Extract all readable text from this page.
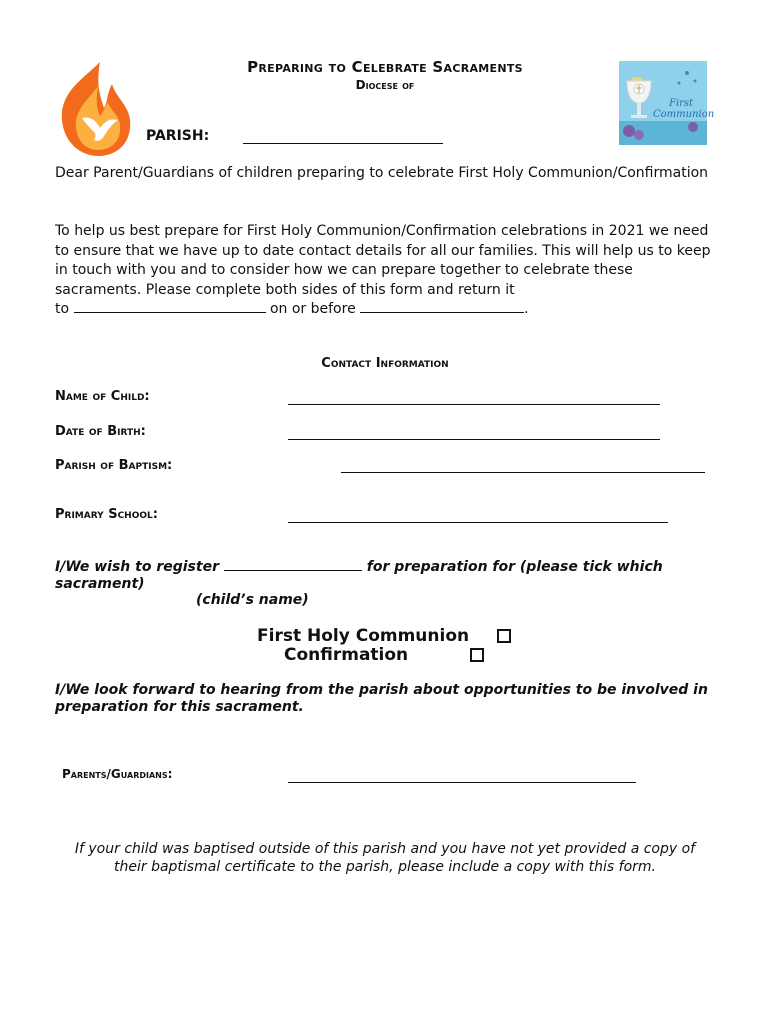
Preparing to Celebrate Sacraments
Diocese of
First
Communion
PARISH:
Dear Parent/Guardians of children preparing to celebrate First Holy Communion/Confirmation
To help us best prepare for First Holy Communion/Confirmation celebrations in 2021 we need to ensure that we have up to date contact details for all our families. This will help us to keep in touch with you and to consider how we can prepare together to celebrate these sacraments. Please complete both sides of this form and return it
to	on or before	.
Contact Information
Name of Child:
Date of Birth:
Parish of Baptism:
Primary School:
I/We wish to register	for preparation for (please tick which sacrament)
(child’s name)
First Holy Communion
Confirmation
I/We look forward to hearing from the parish about opportunities to be involved in preparation for this sacrament.
Parents/Guardians:
If your child was baptised outside of this parish and you have not yet provided a copy of their baptismal certificate to the parish, please include a copy with this form.
